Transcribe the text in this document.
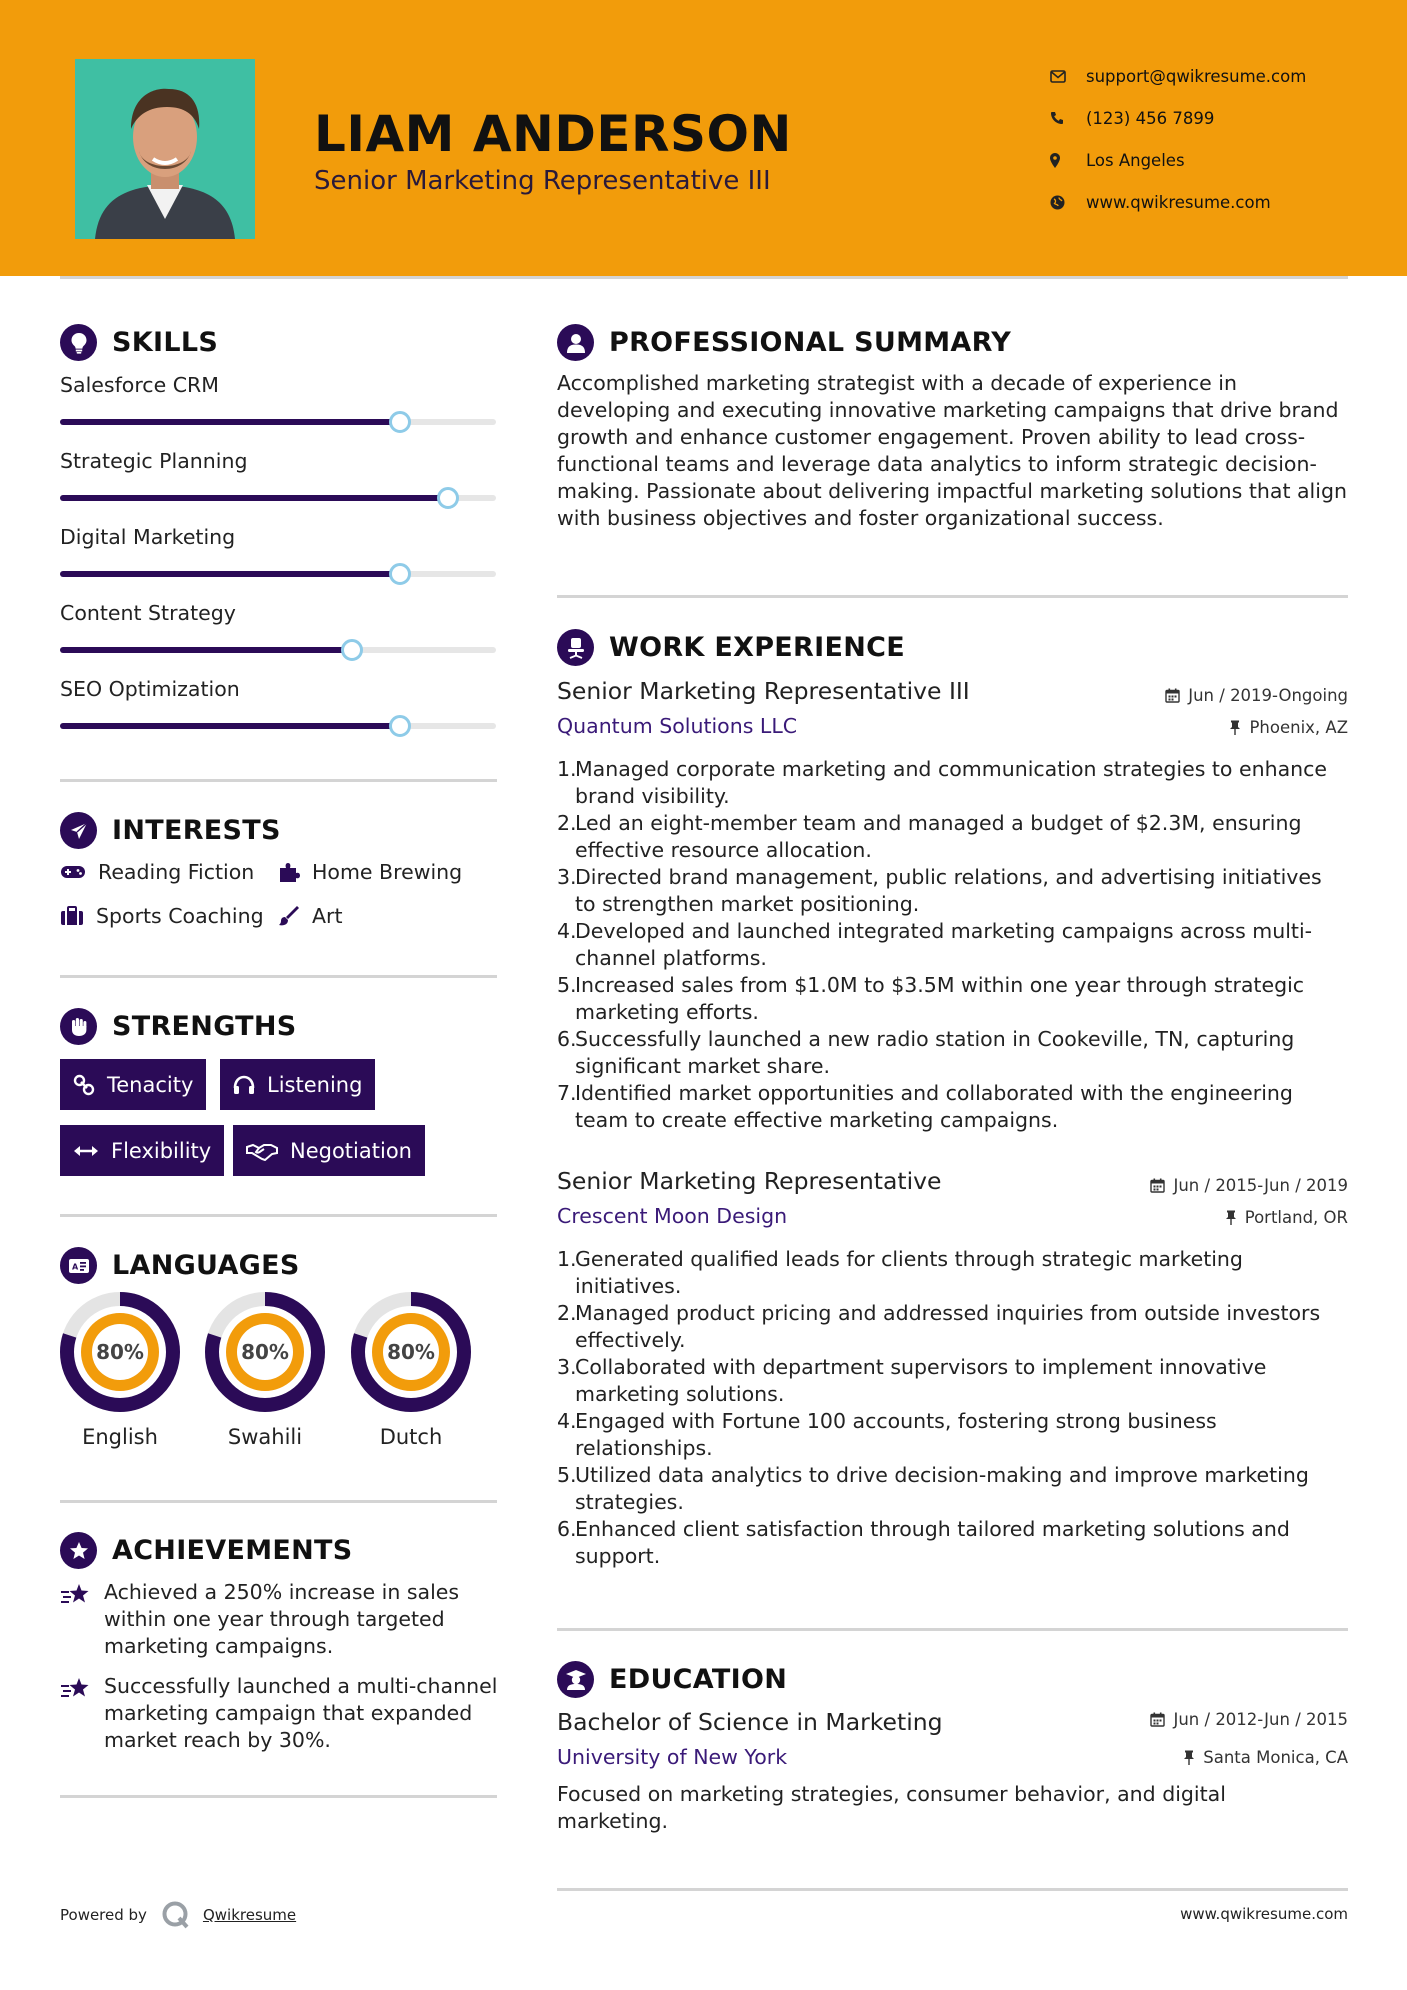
LIAM ANDERSON
Senior Marketing Representative III
support@qwikresume.com
(123) 456 7899
Los Angeles
www.qwikresume.com
SKILLS
Salesforce CRM
Strategic Planning
Digital Marketing
Content Strategy
SEO Optimization
INTERESTS
Reading Fiction	Home Brewing
Sports Coaching Art
STRENGTHS
Tenacity	Listening
Flexibility	Negotiation
A LANGUAGES
80%
English
80%
Swahili
80%
Dutch
ACHIEVEMENTS
Achieved a 250% increase in sales within one year through targeted marketing campaigns.
Successfully launched a multi-channel marketing campaign that expanded market reach by 30%.
PROFESSIONAL SUMMARY
Accomplished marketing strategist with a decade of experience in developing and executing innovative marketing campaigns that drive brand growth and enhance customer engagement. Proven ability to lead cross-functional teams and leverage data analytics to inform strategic decision-making. Passionate about delivering impactful marketing solutions that align with business objectives and foster organizational success.
WORK EXPERIENCE
Senior Marketing Representative III	Jun / 2019-Ongoing
Quantum Solutions LLC	Phoenix, AZ
1.
Managed corporate marketing and communication strategies to enhance brand visibility.
2.
Led an eight-member team and managed a budget of $2.3M, ensuring effective resource allocation.
3.
Directed brand management, public relations, and advertising initiatives to strengthen market positioning.
4.
Developed and launched integrated marketing campaigns across multi-channel platforms.
5.
Increased sales from $1.0M to $3.5M within one year through strategic marketing efforts.
6.
Successfully launched a new radio station in Cookeville, TN, capturing significant market share.
7.
Identified market opportunities and collaborated with the engineering team to create effective marketing campaigns.
Senior Marketing Representative	Jun / 2015-Jun / 2019
Crescent Moon Design	Portland, OR
1.
Generated qualified leads for clients through strategic marketing initiatives.
2.
Managed product pricing and addressed inquiries from outside investors effectively.
3.
Collaborated with department supervisors to implement innovative marketing solutions.
4.
Engaged with Fortune 100 accounts, fostering strong business relationships.
5.
Utilized data analytics to drive decision-making and improve marketing strategies.
6.
Enhanced client satisfaction through tailored marketing solutions and support.
EDUCATION
Bachelor of Science in Marketing	Jun / 2012-Jun / 2015
University of New York	Santa Monica, CA
Focused on marketing strategies, consumer behavior, and digital marketing.
Powered by	Qwikresume	www.qwikresume.com
